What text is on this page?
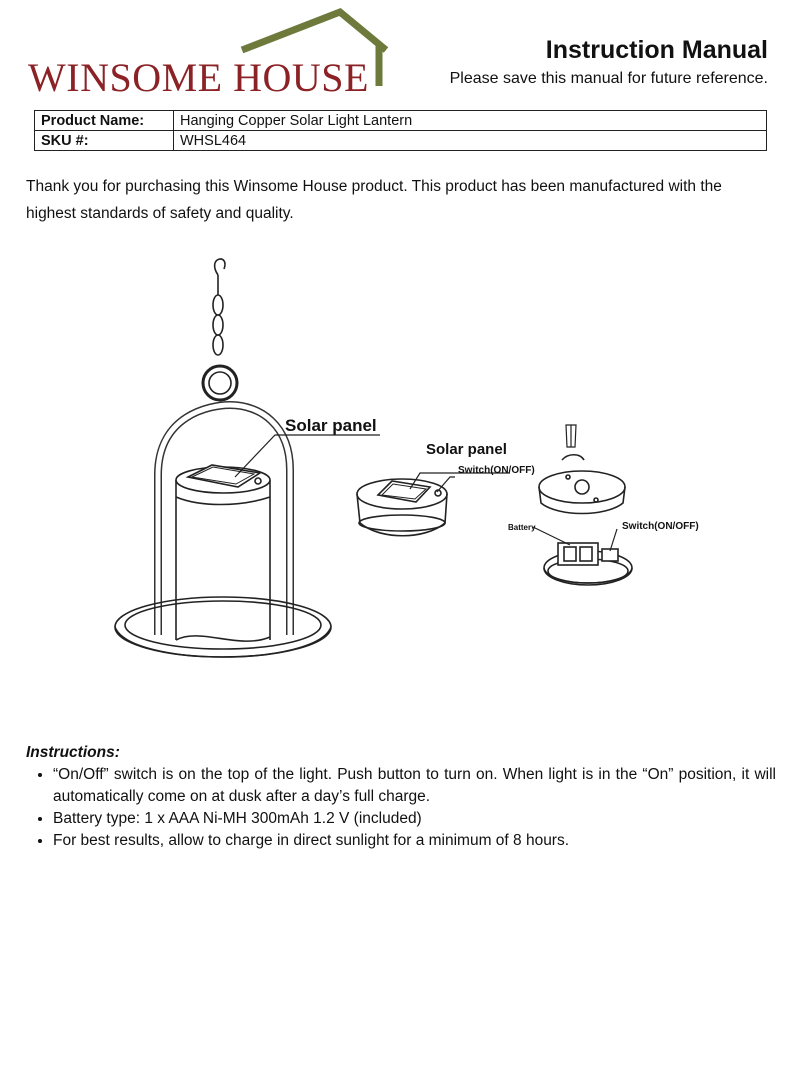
WINSOME HOUSE
Instruction Manual
Please save this manual for future reference.
Product Name:	Hanging Copper Solar Light Lantern
SKU #:	WHSL464
Thank you for purchasing this Winsome House product. This product has been manufactured with the highest standards of safety and quality.
Solar panel
Solar panel
Switch(ON/OFF)
Battery	Switch(ON/OFF)
Instructions:
• “On/Off” switch is on the top of the light. Push button to turn on. When light is in the “On” position, it will automatically come on at dusk after a day’s full charge.
• Battery type: 1 x AAA Ni-MH 300mAh 1.2 V (included)
• For best results, allow to charge in direct sunlight for a minimum of 8 hours.
